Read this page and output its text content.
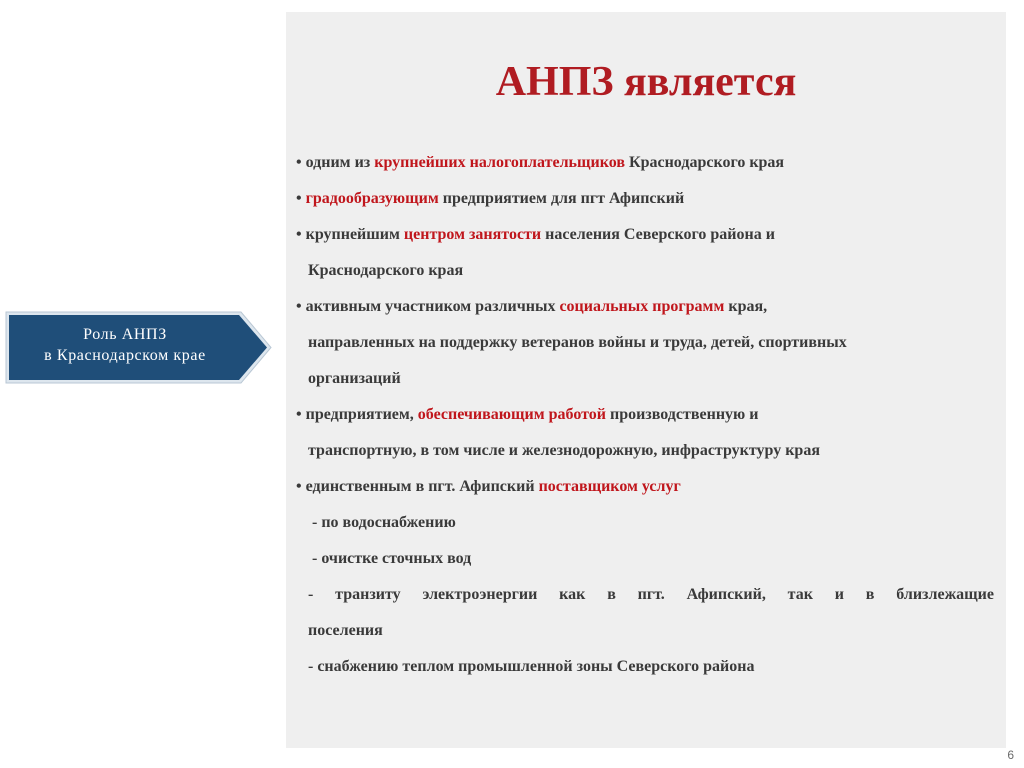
АНПЗ является
• одним из крупнейших налогоплательщиков Краснодарского края
• градообразующим предприятием для пгт Афипский
• крупнейшим центром занятости населения Северского района и
Краснодарского края
• активным участником различных социальных программ края,
направленных на поддержку ветеранов войны и труда, детей, спортивных
организаций
• предприятием, обеспечивающим работой производственную и
транспортную, в том числе и железнодорожную, инфраструктуру края
• единственным в пгт. Афипский поставщиком услуг
- по водоснабжению
- очистке сточных вод
- транзиту электроэнергии как в пгт. Афипский, так и в близлежащие
поселения
- снабжению теплом промышленной зоны Северского района
Роль АНПЗ
в Краснодарском крае
6
